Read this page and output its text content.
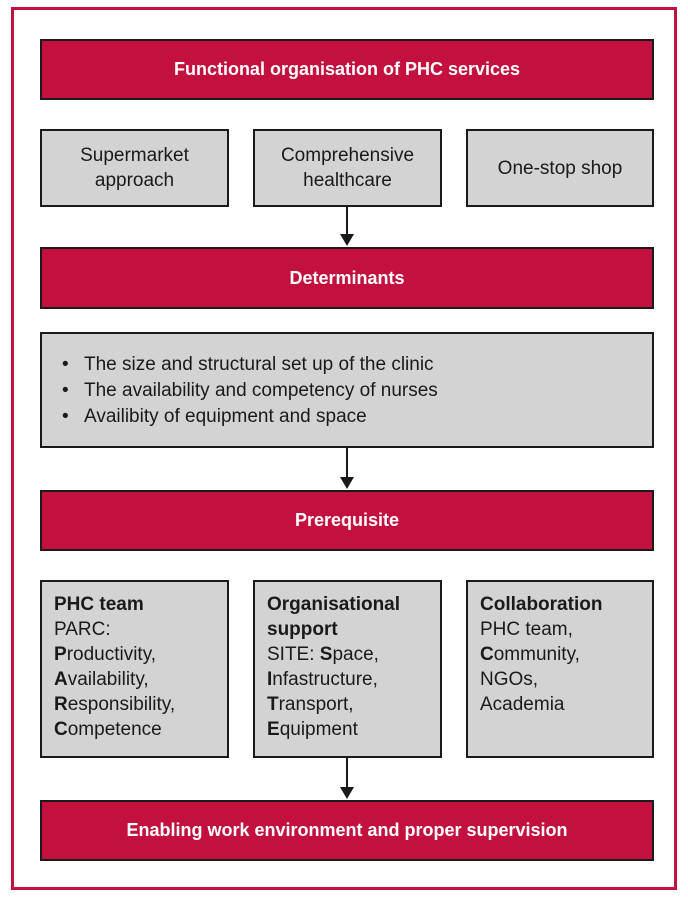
Functional organisation of PHC services
Supermarket approach
Comprehensive healthcare
One-stop shop
Determinants
• The size and structural set up of the clinic
• The availability and competency of nurses
• Availibity of equipment and space
Prerequisite
PHC team
PARC:
Productivity,
Availability,
Responsibility,
Competence
Organisational
support
SITE: Space,
Infastructure,
Transport,
Equipment
Collaboration
PHC team,
Community,
NGOs,
Academia
Enabling work environment and proper supervision
